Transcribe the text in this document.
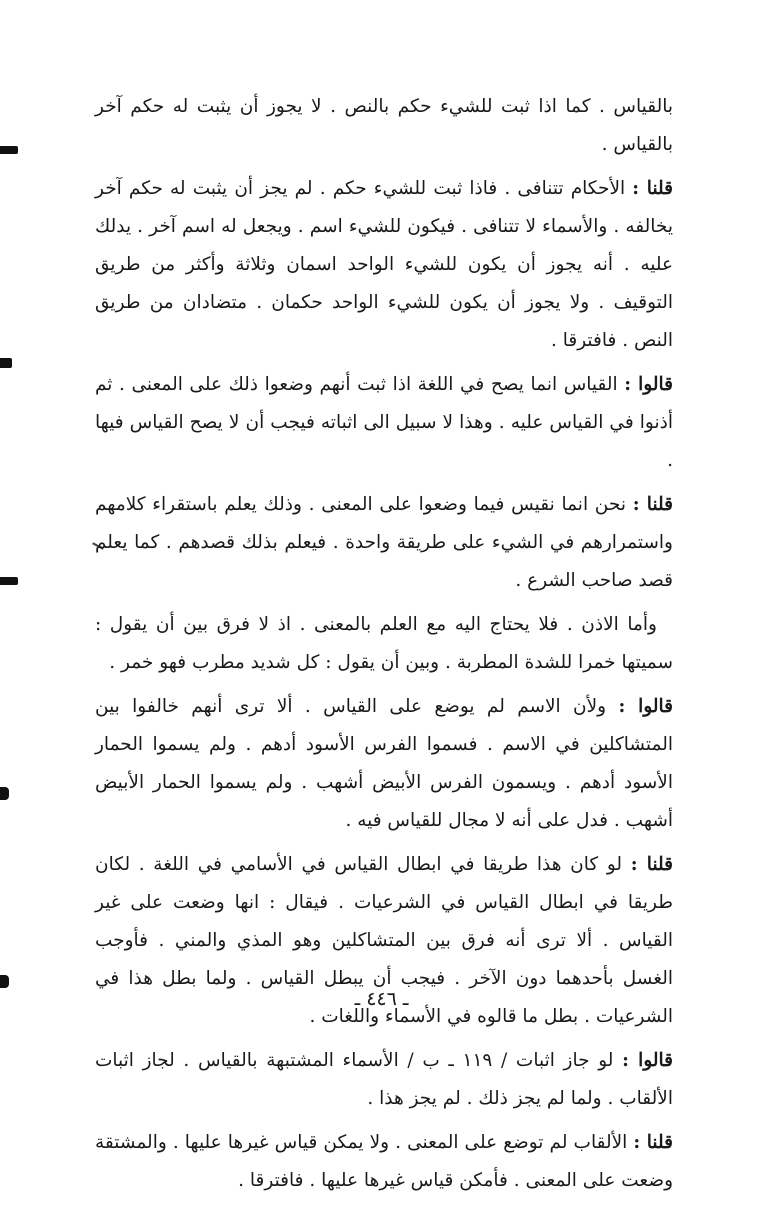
بالقياس . كما اذا ثبت للشيء حكم بالنص . لا يجوز أن يثبت له حكم آخر بالقياس .

قلنا : الأحكام تتنافى . فاذا ثبت للشيء حكم . لم يجز أن يثبت له حكم آخر يخالفه . والأسماء لا تتنافى . فيكون للشيء اسم . ويجعل له اسم آخر . يدلك عليه . أنه يجوز أن يكون للشيء الواحد اسمان وثلاثة وأكثر من طريق التوقيف . ولا يجوز أن يكون للشيء الواحد حكمان . متضادان من طريق النص . فافترقا .

قالوا : القياس انما يصح في اللغة اذا ثبت أنهم وضعوا ذلك على المعنى . ثم أذنوا في القياس عليه . وهذا لا سبيل الى اثباته فيجب أن لا يصح القياس فيها .

قلنا : نحن انما نقيس فيما وضعوا على المعنى . وذلك يعلم باستقراء كلامهم واستمرارهم في الشيء على طريقة واحدة . فيعلم بذلك قصدهم . كما يعلم قصد صاحب الشرع .

وأما الاذن . فلا يحتاج اليه مع العلم بالمعنى . اذ لا فرق بين أن يقول : سميتها خمرا للشدة المطربة . وبين أن يقول : كل شديد مطرب فهو خمر .

قالوا : ولأن الاسم لم يوضع على القياس . ألا ترى أنهم خالفوا بين المتشاكلين في الاسم . فسموا الفرس الأسود أدهم . ولم يسموا الحمار الأسود أدهم . ويسمون الفرس الأبيض أشهب . ولم يسموا الحمار الأبيض أشهب . فدل على أنه لا مجال للقياس فيه .

قلنا : لو كان هذا طريقا في ابطال القياس في الأسامي في اللغة . لكان طريقا في ابطال القياس في الشرعيات . فيقال : انها وضعت على غير القياس . ألا ترى أنه فرق بين المتشاكلين وهو المذي والمني . فأوجب الغسل بأحدهما دون الآخر . فيجب أن يبطل القياس . ولما بطل هذا في الشرعيات . بطل ما قالوه في الأسماء واللغات .

قالوا : لو جاز اثبات / ١١٩ ـ ب / الأسماء المشتبهة بالقياس . لجاز اثبات الألقاب . ولما لم يجز ذلك . لم يجز هذا .

قلنا : الألقاب لم توضع على المعنى . ولا يمكن قياس غيرها عليها . والمشتقة وضعت على المعنى . فأمكن قياس غيرها عليها . فافترقا .

ـ ٤٤٦ ـ
